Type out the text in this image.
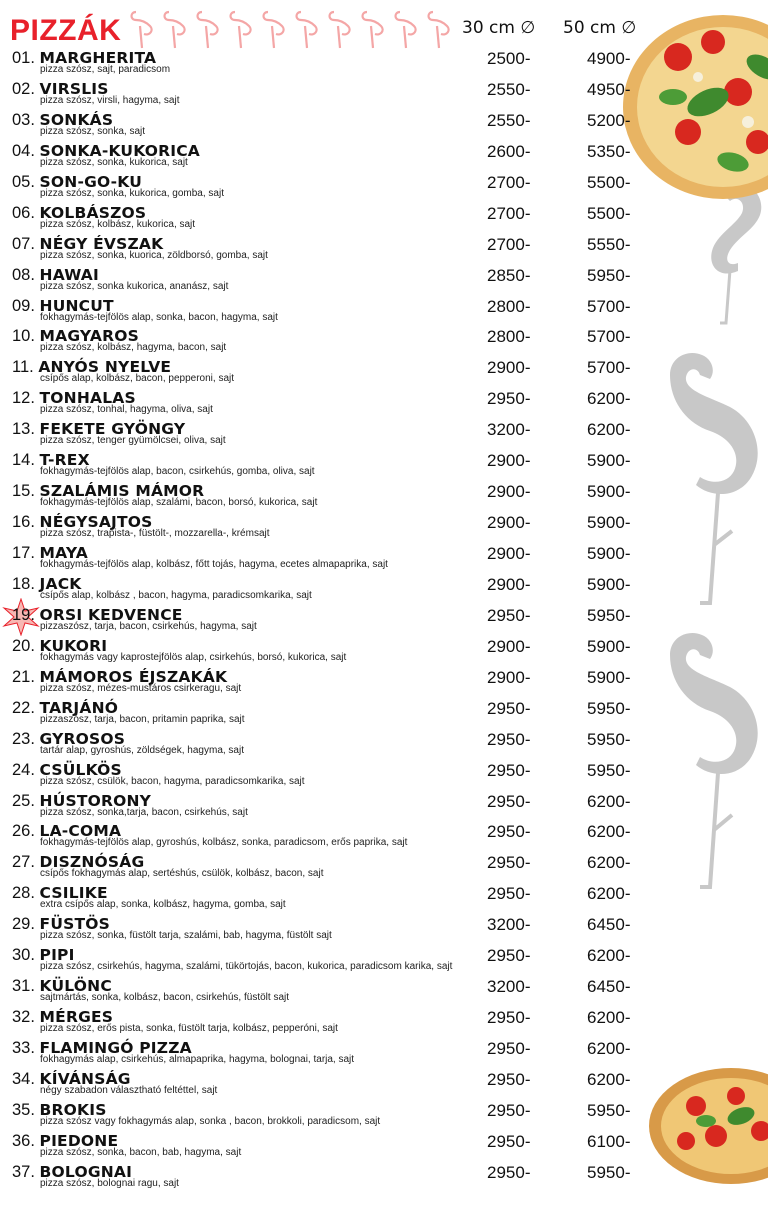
PIZZÁK	30 cm ∅ 50 cm ∅
01. MARGHERITA
pizza szósz, sajt, paradicsom
2500-	4900-
02. VIRSLIS
pizza szósz, virsli, hagyma, sajt
2550-	4950-
03. SONKÁS
pizza szósz, sonka, sajt
2550-	5200-
04. SONKA-KUKORICA
pizza szósz, sonka, kukorica, sajt
2600-	5350-
05. SON-GO-KU
pizza szósz, sonka, kukorica, gomba, sajt
2700-	5500-
06. KOLBÁSZOS
pizza szósz, kolbász, kukorica, sajt
2700-	5500-
07. NÉGY ÉVSZAK
pizza szósz, sonka, kuorica, zöldborsó, gomba, sajt
2700-	5550-
08. HAWAI
pizza szósz, sonka kukorica, ananász, sajt
2850-	5950-
09. HUNCUT
fokhagymás-tejfölös alap, sonka, bacon, hagyma, sajt
2800-	5700-
10. MAGYAROS
pizza szósz, kolbász, hagyma, bacon, sajt
2800-	5700-
11. ANYÓS NYELVE
csípős alap, kolbász, bacon, pepperoni, sajt
2900-	5700-
12. TONHALAS
pizza szósz, tonhal, hagyma, oliva, sajt
2950-	6200-
13. FEKETE GYÖNGY
pizza szósz, tenger gyümölcsei, oliva, sajt
3200-	6200-
14. T-REX
fokhagymás-tejfölös alap, bacon, csirkehús, gomba, oliva, sajt
2900-	5900-
15. SZALÁMIS MÁMOR
fokhagymás-tejfölös alap, szalámi, bacon, borsó, kukorica, sajt
2900-	5900-
16. NÉGYSAJTOS
pizza szósz, trapista-, füstölt-, mozzarella-, krémsajt
2900-	5900-
17. MAYA
fokhagymás-tejfölös alap, kolbász, főtt tojás, hagyma, ecetes almapaprika, sajt
2900-	5900-
18. JACK
csípős alap, kolbász , bacon, hagyma, paradicsomkarika, sajt
2900-	5900-
19. ORSI KEDVENCE
pizzaszósz, tarja, bacon, csirkehús, hagyma, sajt
2950-	5950-
20. KUKORI
fokhagymás vagy kaprostejfölös alap, csirkehús, borsó, kukorica, sajt
2900-	5900-
21. MÁMOROS ÉJSZAKÁK
pizza szósz, mézes-mustáros csirkeragu, sajt
2900-	5900-
22. TARJÁNÓ
pizzaszósz, tarja, bacon, pritamin paprika, sajt
2950-	5950-
23. GYROSOS
tartár alap, gyroshús, zöldségek, hagyma, sajt
2950-	5950-
24. CSÜLKÖS
pizza szósz, csülök, bacon, hagyma, paradicsomkarika, sajt
2950-	5950-
25. HÚSTORONY
pizza szósz, sonka,tarja, bacon, csirkehús, sajt
2950-	6200-
26. LA-COMA
fokhagymás-tejfölös alap, gyroshús, kolbász, sonka, paradicsom, erős paprika, sajt
2950-	6200-
27. DISZNÓSÁG
csípős fokhagymás alap, sertéshús, csülök, kolbász, bacon, sajt
2950-	6200-
28. CSILIKE
extra csípős alap, sonka, kolbász, hagyma, gomba, sajt
2950-	6200-
29. FÜSTÖS
pizza szósz, sonka, füstölt tarja, szalámi, bab, hagyma, füstölt sajt
3200-	6450-
30. PIPI
pizza szósz, csirkehús, hagyma, szalámi, tükörtojás, bacon, kukorica, paradicsom karika, sajt
2950-	6200-
31. KÜLÖNC
sajtmártás, sonka, kolbász, bacon, csirkehús, füstölt sajt
3200-	6450-
32. MÉRGES
pizza szósz, erős pista, sonka, füstölt tarja, kolbász, pepperóni, sajt
2950-	6200-
33. FLAMINGÓ PIZZA
fokhagymás alap, csirkehús, almapaprika, hagyma, bolognai, tarja, sajt
2950-	6200-
34. KÍVÁNSÁG
négy szabadon választható feltéttel, sajt
2950-	6200-
35. BROKIS
pizza szósz vagy fokhagymás alap, sonka , bacon, brokkoli, paradicsom, sajt
2950-	5950-
36. PIEDONE
pizza szósz, sonka, bacon, bab, hagyma, sajt
2950-	6100-
37. BOLOGNAI
pizza szósz, bolognai ragu, sajt
2950-	5950-
